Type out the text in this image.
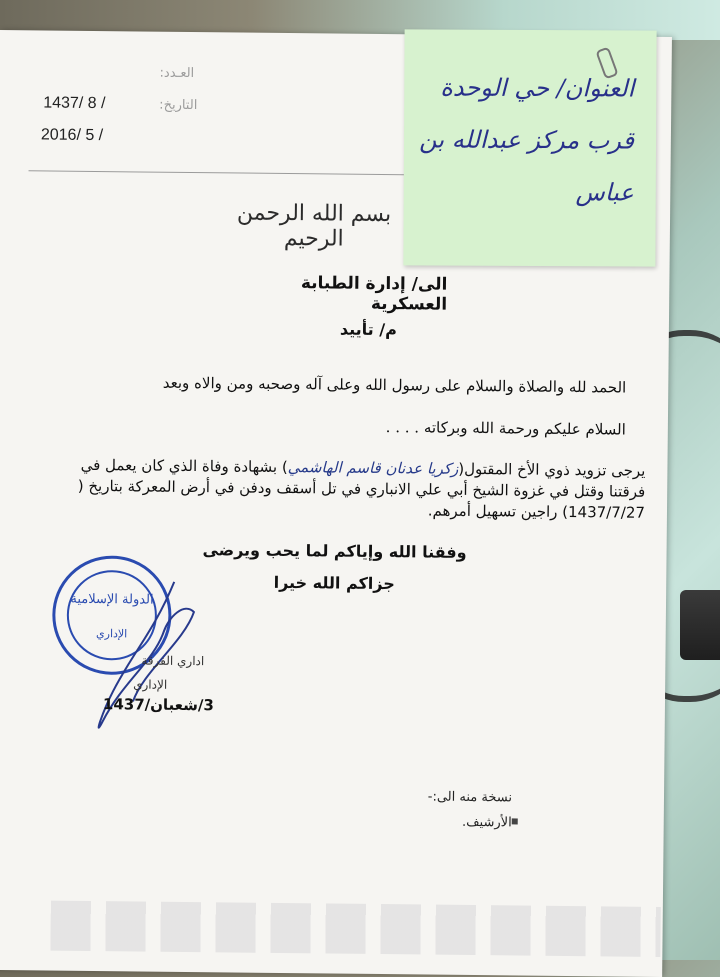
العـدد:
التاريخ:
1437/ 8 /
2016/ 5 /
بسم الله الرحمن الرحيم
الى/ إدارة الطبابة العسكرية
م/ تأييد
الحمد لله والصلاة والسلام على رسول الله وعلى آله وصحبه ومن والاه وبعد
السلام عليكم ورحمة الله وبركاته . . . .
يرجى تزويد ذوي الأخ المقتول(زكريا عدنان قاسم الهاشمي) بشهادة وفاة الذي كان يعمل في فرقتنا وقتل في غزوة الشيخ أبي علي الانباري في تل أسقف ودفن في أرض المعركة بتاريخ ( 1437/7/27) راجين تسهيل أمرهم.
وفقنا الله وإياكم لما يحب ويرضى
جزاكم الله خيرا
الدولة الإسلامية
الإداري
اداري الفرقة
الإداري
3/شعبان/1437
نسخة منه الى:-
الأرشيف.
العنوان/ حي الوحدة
قرب مركز عبدالله بن
عباس
